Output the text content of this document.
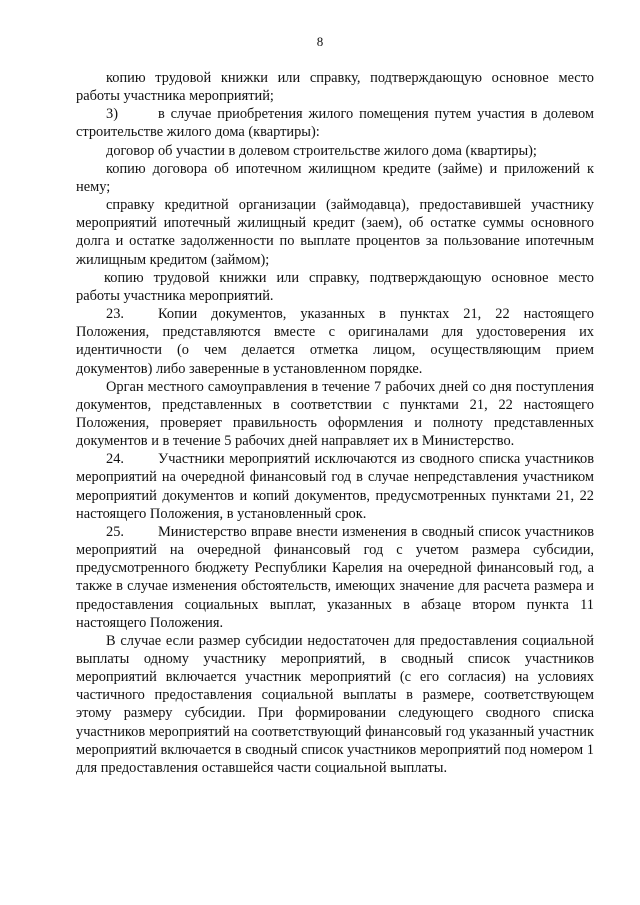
8

копию трудовой книжки или справку, подтверждающую основное место работы участника мероприятий;

3)	в случае приобретения жилого помещения путем участия в долевом строительстве жилого дома (квартиры):

договор об участии в долевом строительстве жилого дома (квартиры);

копию договора об ипотечном жилищном кредите (займе) и приложений к нему;

справку кредитной организации (займодавца), предоставившей участнику мероприятий ипотечный жилищный кредит (заем), об остатке суммы основного долга и остатке задолженности по выплате процентов за пользование ипотечным жилищным кредитом (займом);

копию трудовой книжки или справку, подтверждающую основное место работы участника мероприятий.

23. Копии документов, указанных в пунктах 21, 22 настоящего Положения, представляются вместе с оригиналами для удостоверения их идентичности (о чем делается отметка лицом, осуществляющим прием документов) либо заверенные в установленном порядке.

Орган местного самоуправления в течение 7 рабочих дней со дня поступления документов, представленных в соответствии с пунктами 21, 22 настоящего Положения, проверяет правильность оформления и полноту представленных документов и в течение 5 рабочих дней направляет их в Министерство.

24. Участники мероприятий исключаются из сводного списка участников мероприятий на очередной финансовый год в случае непредставления участником мероприятий документов и копий документов, предусмотренных пунктами 21, 22 настоящего Положения, в установленный срок.

25. Министерство вправе внести изменения в сводный список участников мероприятий на очередной финансовый год с учетом размера субсидии, предусмотренного бюджету Республики Карелия на очередной финансовый год, а также в случае изменения обстоятельств, имеющих значение для расчета размера и предоставления социальных выплат, указанных в абзаце втором пункта 11 настоящего Положения.

В случае если размер субсидии недостаточен для предоставления социальной выплаты одному участнику мероприятий, в сводный список участников мероприятий включается участник мероприятий (с его согласия) на условиях частичного предоставления социальной выплаты в размере, соответствующем этому размеру субсидии. При формировании следующего сводного списка участников мероприятий на соответствующий финансовый год указанный участник мероприятий включается в сводный список участников мероприятий под номером 1 для предоставления оставшейся части социальной выплаты.
